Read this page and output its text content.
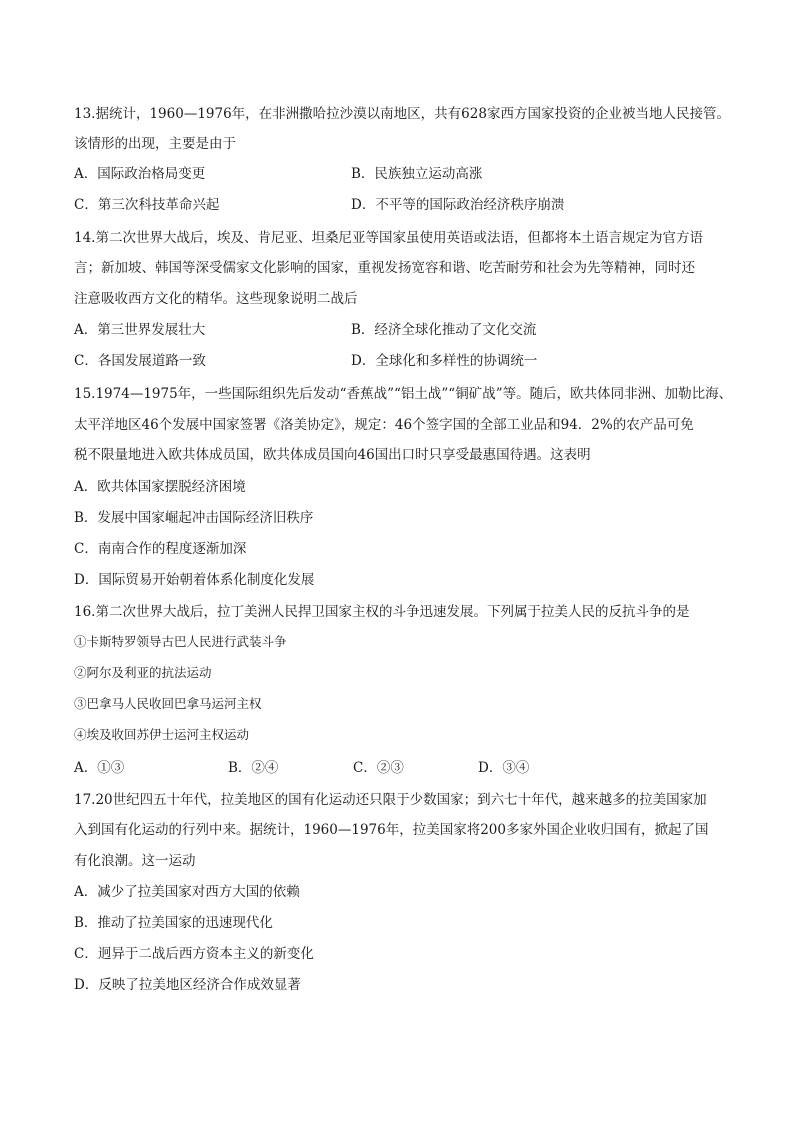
13.据统计，1960—1976年，在非洲撒哈拉沙漠以南地区，共有628家西方国家投资的企业被当地人民接管。
该情形的出现，主要是由于
A．国际政治格局变更	B．民族独立运动高涨
C．第三次科技革命兴起	D．不平等的国际政治经济秩序崩溃
14.第二次世界大战后，埃及、肯尼亚、坦桑尼亚等国家虽使用英语或法语，但都将本土语言规定为官方语
言；新加坡、韩国等深受儒家文化影响的国家，重视发扬宽容和谐、吃苦耐劳和社会为先等精神，同时还
注意吸收西方文化的精华。这些现象说明二战后
A．第三世界发展壮大	B．经济全球化推动了文化交流
C．各国发展道路一致	D．全球化和多样性的协调统一
15.1974—1975年，一些国际组织先后发动“香蕉战”“铝土战”“铜矿战”等。随后，欧共体同非洲、加勒比海、
太平洋地区46个发展中国家签署《洛美协定》，规定：46个签字国的全部工业品和94．2%的农产品可免
税不限量地进入欧共体成员国，欧共体成员国向46国出口时只享受最惠国待遇。这表明
A．欧共体国家摆脱经济困境
B．发展中国家崛起冲击国际经济旧秩序
C．南南合作的程度逐渐加深
D．国际贸易开始朝着体系化制度化发展
16.第二次世界大战后，拉丁美洲人民捍卫国家主权的斗争迅速发展。下列属于拉美人民的反抗斗争的是
①卡斯特罗领导古巴人民进行武装斗争
②阿尔及利亚的抗法运动
③巴拿马人民收回巴拿马运河主权
④埃及收回苏伊士运河主权运动
A．①③	B．②④	C．②③	D．③④
17.20世纪四五十年代，拉美地区的国有化运动还只限于少数国家；到六七十年代，越来越多的拉美国家加
入到国有化运动的行列中来。据统计，1960—1976年，拉美国家将200多家外国企业收归国有，掀起了国
有化浪潮。这一运动
A．减少了拉美国家对西方大国的依赖
B．推动了拉美国家的迅速现代化
C．迥异于二战后西方资本主义的新变化
D．反映了拉美地区经济合作成效显著
